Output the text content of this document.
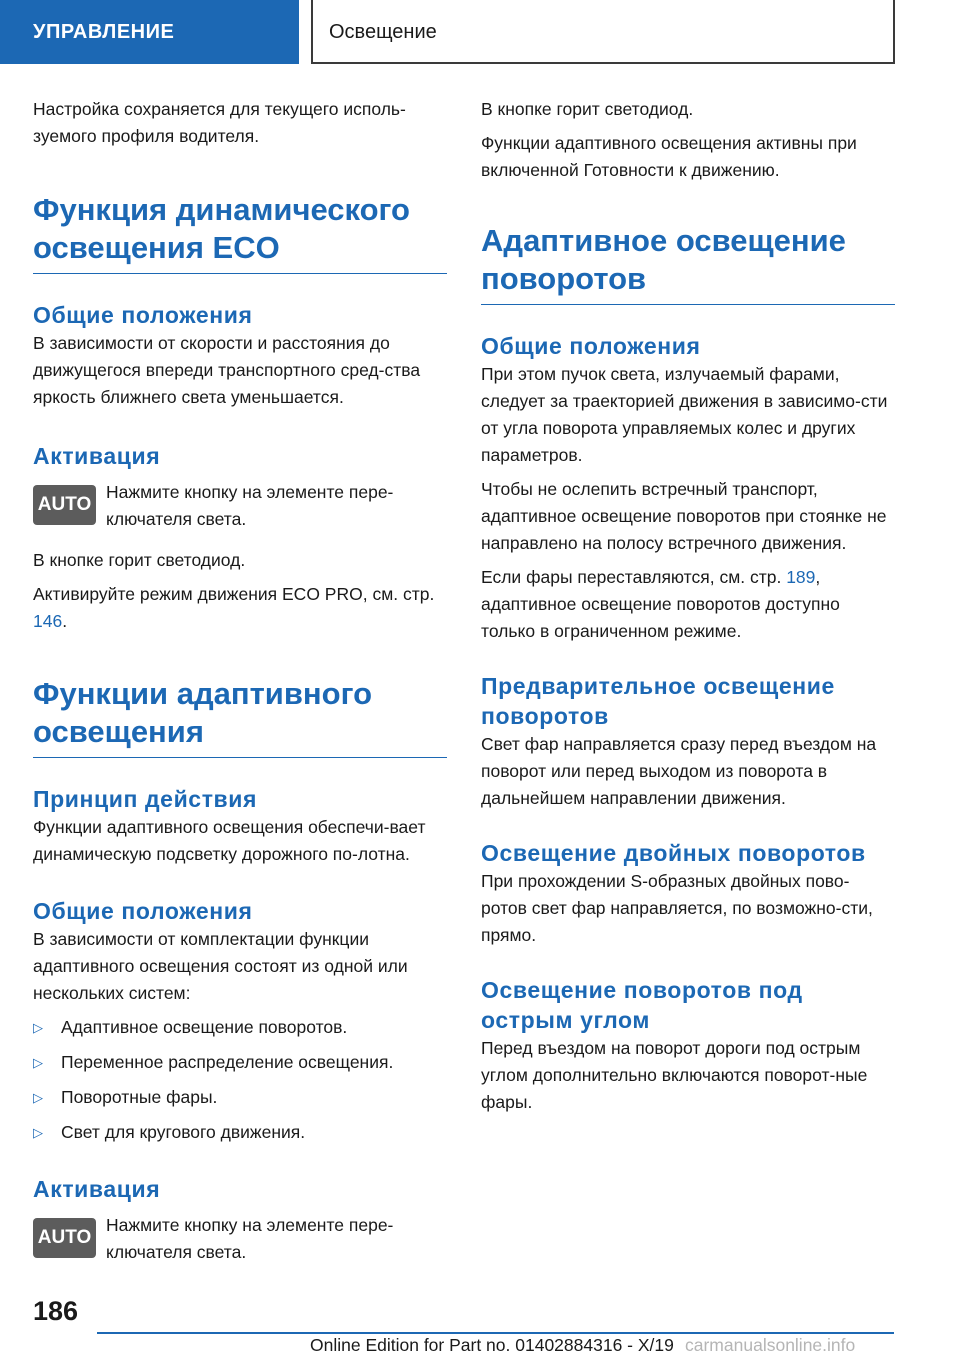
УПРАВЛЕНИЕ	Освещение

Настройка сохраняется для текущего исполь-зуемого профиля водителя.

Функция динамического освещения ECO
Общие положения

В зависимости от скорости и расстояния до движущегося впереди транспортного сред-ства яркость ближнего света уменьшается.

Активация
AUTO

Нажмите кнопку на элементе пере-ключателя света.

В кнопке горит светодиод.

Активируйте режим движения ECO PRO, см. стр. 146.

Функции адаптивного освещения
Принцип действия

Функции адаптивного освещения обеспечи-вает динамическую подсветку дорожного по-лотна.

Общие положения

В зависимости от комплектации функции адаптивного освещения состоят из одной или нескольких систем:

▷	Адаптивное освещение поворотов.
▷	Переменное распределение освещения.
▷	Поворотные фары.
▷	Свет для кругового движения.
Активация
AUTO

Нажмите кнопку на элементе пере-ключателя света.

В кнопке горит светодиод.

Функции адаптивного освещения активны при включенной Готовности к движению.

Адаптивное освещение поворотов
Общие положения

При этом пучок света, излучаемый фарами, следует за траекторией движения в зависимо-сти от угла поворота управляемых колес и других параметров.

Чтобы не ослепить встречный транспорт, адаптивное освещение поворотов при стоянке не направлено на полосу встречного движения.

Если фары переставляются, см. стр. 189, адаптивное освещение поворотов доступно только в ограниченном режиме.

Предварительное освещение поворотов

Свет фар направляется сразу перед въездом на поворот или перед выходом из поворота в дальнейшем направлении движения.

Освещение двойных поворотов

При прохождении S-образных двойных пово-ротов свет фар направляется, по возможно-сти, прямо.

Освещение поворотов под острым углом

Перед въездом на поворот дороги под острым углом дополнительно включаются поворот-ные фары.

186
Online Edition for Part no. 01402884316 - X/19 carmanualsonline.info
